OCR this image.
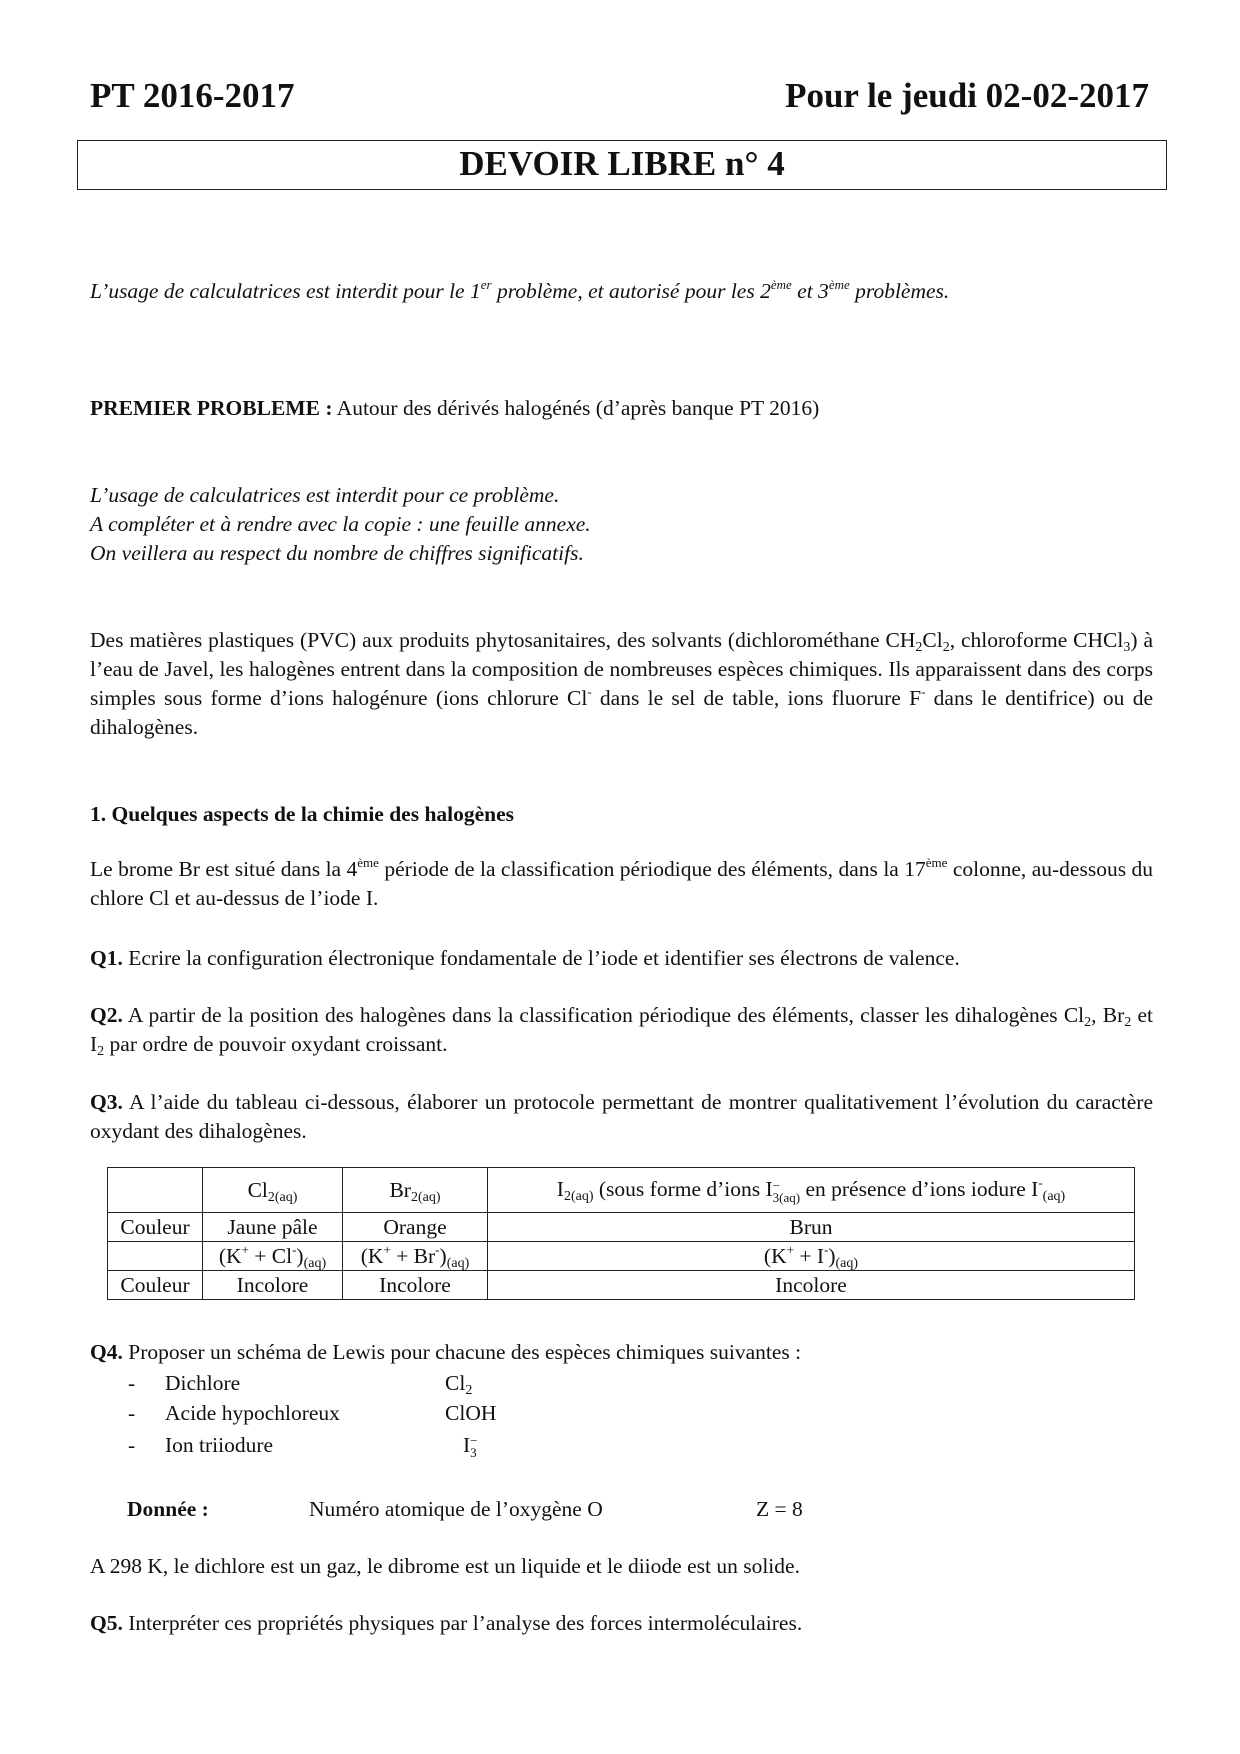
PT 2016-2017	Pour le jeudi 02-02-2017
DEVOIR LIBRE n° 4
L’usage de calculatrices est interdit pour le 1er problème, et autorisé pour les 2ème et 3ème problèmes.
PREMIER PROBLEME : Autour des dérivés halogénés (d’après banque PT 2016)
L’usage de calculatrices est interdit pour ce problème.
A compléter et à rendre avec la copie : une feuille annexe.
On veillera au respect du nombre de chiffres significatifs.
Des matières plastiques (PVC) aux produits phytosanitaires, des solvants (dichlorométhane $CH_2Cl_2$, chloroforme CHCl$_3$) à l’eau de Javel, les halogènes entrent dans la composition de nombreuses espèces chimiques. Ils apparaissent dans des corps simples sous forme d’ions halogénure (ions chlorure Cl- dans le sel de table, ions fluorure F- dans le dentifrice) ou de dihalogènes.
1. Quelques aspects de la chimie des halogènes
Le brome Br est situé dans la 4ème période de la classification périodique des éléments, dans la 17ème colonne, au-dessous du chlore Cl et au-dessus de l’iode I.
Q1. Ecrire la configuration électronique fondamentale de l’iode et identifier ses électrons de valence.
Q2. A partir de la position des halogènes dans la classification périodique des éléments, classer les dihalogènes $Cl_2$, $Br_2$ et $I_2$ par ordre de pouvoir oxydant croissant.
Q3. A l’aide du tableau ci-dessous, élaborer un protocole permettant de montrer qualitativement l’évolution du caractère oxydant des dihalogènes.
	$Cl_{2(aq)}$	$Br_{2(aq)}$	$I_{2(aq)}$ (sous forme d’ions I −
3(aq) en présence d’ions iodure $I^-_{(aq)}$
Couleur	Jaune pâle	Orange	Brun
	$(K^+ + Cl^-)_{(aq)}$	$(K^+ + Br^-)_{(aq)}$	$(K^+ + I^-)_{(aq)}$
Couleur	Incolore	Incolore	Incolore
Q4. Proposer un schéma de Lewis pour chacune des espèces chimiques suivantes :
- Dichlore	$Cl_2$
- Acide hypochloreux	ClOH
- Ion triiodure	I −
3
Donnée :	Numéro atomique de l’oxygène O	Z = 8
A 298 K, le dichlore est un gaz, le dibrome est un liquide et le diiode est un solide.
Q5. Interpréter ces propriétés physiques par l’analyse des forces intermoléculaires.
